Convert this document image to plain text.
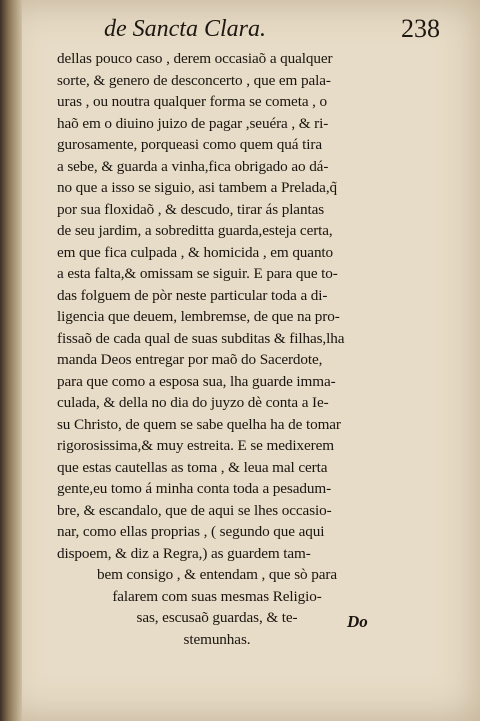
de Sancta Clara.	238
dellas pouco caso , derem occasiaõ a qualquer
sorte, & genero de desconcerto , que em pala-
uras , ou noutra qualquer forma se cometa , o
haõ em o diuino juizo de pagar ,seuéra , & ri-
gurosamente, porqueasi como quem quá tira
a sebe, & guarda a vinha,fica obrigado ao dá-
no que a isso se siguio, asi tambem a Prelada,q̃
por sua floxidaõ , & descudo, tirar ás plantas
de seu jardim, a sobreditta guarda,esteja certa,
em que fica culpada , & homicida , em quanto
a esta falta,& omissam se siguir. E para que to-
das folguem de pòr neste particular toda a di-
ligencia que deuem, lembremse, de que na pro-
fissaõ de cada qual de suas subditas & filhas,lha
manda Deos entregar por maõ do Sacerdote,
para que como a esposa sua, lha guarde imma-
culada, & della no dia do juyzo dè conta a Ie-
su Christo, de quem se sabe quelha ha de tomar
rigorosissima,& muy estreita. E se medixerem
que estas cautellas as toma , & leua mal certa
gente,eu tomo á minha conta toda a pesadum-
bre, & escandalo, que de aqui se lhes occasio-
nar, como ellas proprias , ( segundo que aqui
dispoem, & diz a Regra,) as guardem tam-
bem consigo , & entendam , que sò para
falarem com suas mesmas Religio-
sas, escusaõ guardas, & te-
stemunhas.
Do
